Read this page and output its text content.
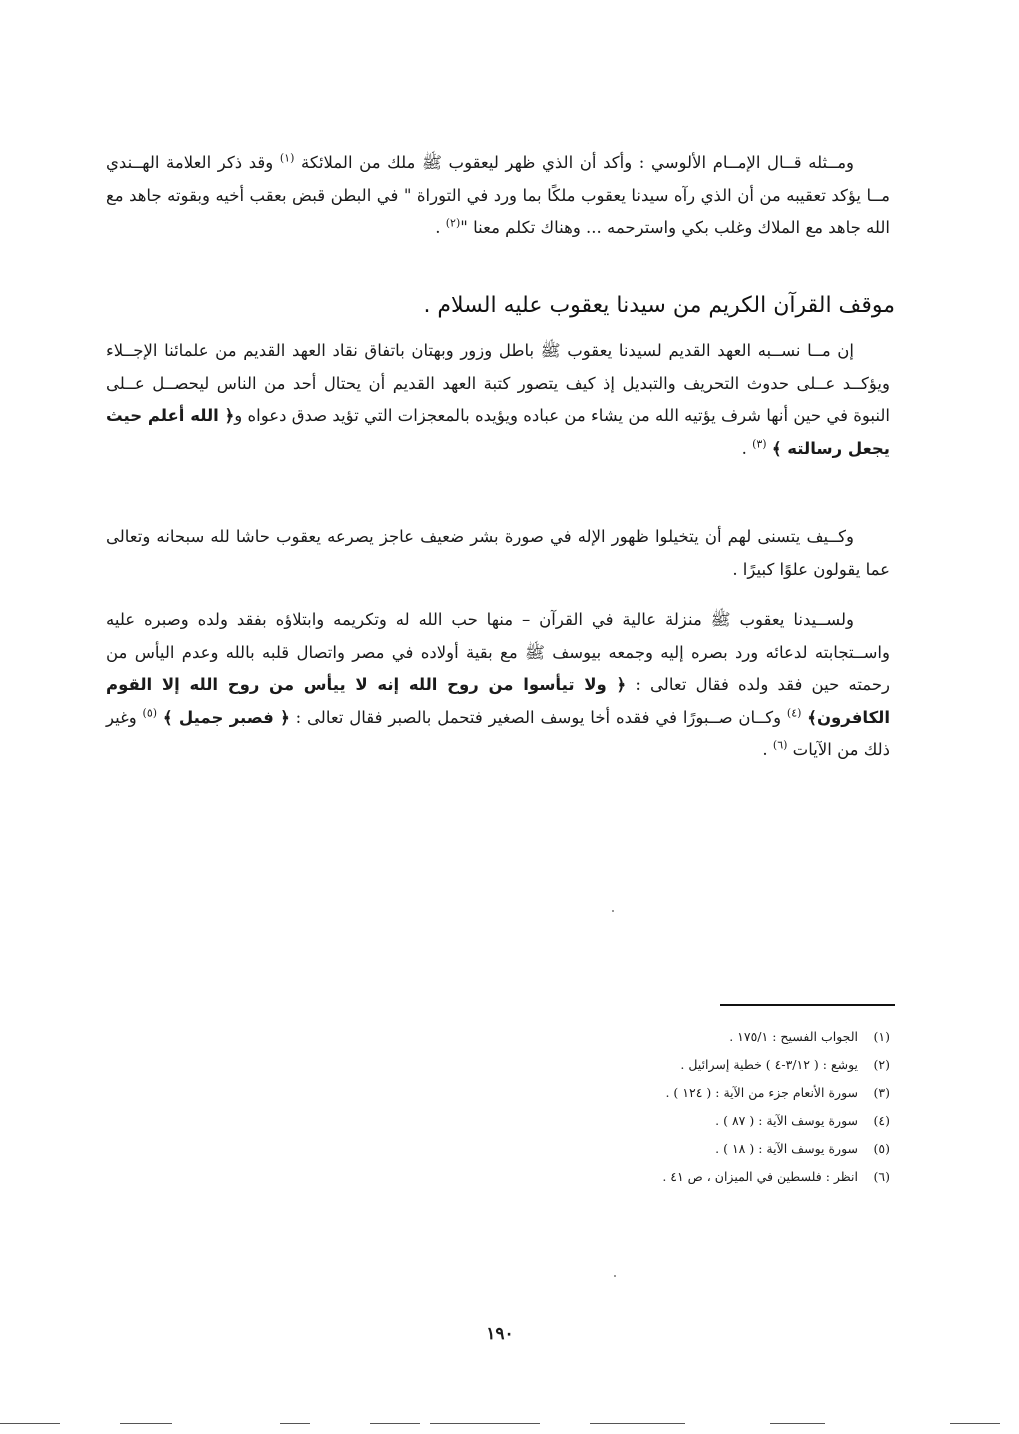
ومــثله قــال الإمــام الألوسي : وأكد أن الذي ظهر ليعقوب ﷺ ملك من الملائكة $^{(١)}$ وقد ذكر العلامة الهــندي مــا يؤكد تعقيبه من أن الذي رآه سيدنا يعقوب ملكًا بما ورد في التوراة " في البطن قبض بعقب أخيه وبقوته جاهد مع الله جاهد مع الملاك وغلب بكي واسترحمه ... وهناك تكلم معنا "$^{(٢)}$ .

موقف القرآن الكريم من سيدنا يعقوب عليه السلام .

إن مــا نســبه العهد القديم لسيدنا يعقوب ﷺ باطل وزور وبهتان باتفاق نقاد العهد القديم من علمائنا الإجــلاء ويؤكــد عــلى حدوث التحريف والتبديل إذ كيف يتصور كتبة العهد القديم أن يحتال أحد من الناس ليحصــل عــلى النبوة في حين أنها شرف يؤتيه الله من يشاء من عباده ويؤيده بالمعجزات التي تؤيد صدق دعواه و﴿ الله أعلم حيث يجعل رسالته ﴾ $^{(٣)}$ .

وكــيف يتسنى لهم أن يتخيلوا ظهور الإله في صورة بشر ضعيف عاجز يصرعه يعقوب حاشا لله سبحانه وتعالى عما يقولون علوًا كبيرًا .

ولســيدنا يعقوب ﷺ منزلة عالية في القرآن – منها حب الله له وتكريمه وابتلاؤه بفقد ولده وصبره عليه واســتجابته لدعائه ورد بصره إليه وجمعه بيوسف ﷺ مع بقية أولاده في مصر واتصال قلبه بالله وعدم اليأس من رحمته حين فقد ولده فقال تعالى : ﴿ ولا تيأسوا من روح الله إنه لا ييأس من روح الله إلا القوم الكافرون﴾ $^{(٤)}$ وكــان صــبورًا في فقده أخا يوسف الصغير فتحمل بالصبر فقال تعالى : ﴿ فصبر جميل ﴾ $^{(٥)}$ وغير ذلك من الآيات $^{(٦)}$ .

(١) الجواب الفسيح : ١٧٥/١ .
(٢) يوشع : ( ٣/١٢-٤ ) خطية إسرائيل .
(٣) سورة الأنعام جزء من الآية : ( ١٢٤ ) .
(٤) سورة يوسف الآية : ( ٨٧ ) .
(٥) سورة يوسف الآية : ( ١٨ ) .
(٦) انظر : فلسطين في الميزان ، ص ٤١ .
١٩٠
